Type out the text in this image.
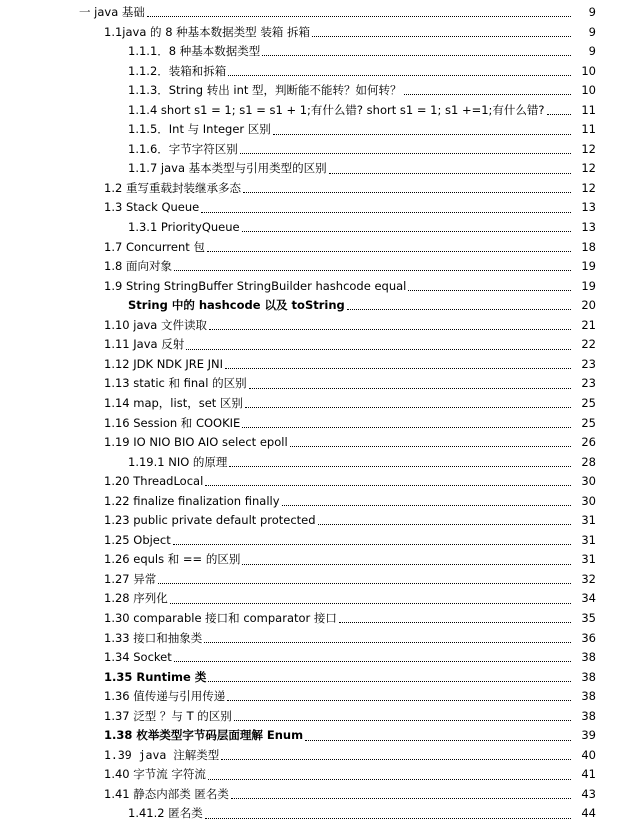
一 java 基础	9
1.1java 的 8 种基本数据类型 装箱 拆箱	9
1.1.1．8 种基本数据类型	9
1.1.2．装箱和拆箱	10
1.1.3．String 转出 int 型，判断能不能转？如何转？	10
1.1.4 short s1 = 1; s1 = s1 + 1;有什么错? short s1 = 1; s1 +=1;有什么错?	11
1.1.5．Int 与 Integer 区别	11
1.1.6．字节字符区别	12
1.1.7 java 基本类型与引用类型的区别	12
1.2 重写重载封装继承多态	12
1.3 Stack Queue	13
1.3.1 PriorityQueue	13
1.7 Concurrent 包	18
1.8 面向对象	19
1.9 String StringBuffer StringBuilder hashcode equal	19
String 中的 hashcode 以及 toString	20
1.10 java 文件读取	21
1.11 Java 反射	22
1.12 JDK NDK JRE JNI	23
1.13 static 和 final 的区别	23
1.14 map，list，set 区别	25
1.16 Session 和 COOKIE	25
1.19 IO NIO BIO AIO select epoll	26
1.19.1 NIO 的原理	28
1.20 ThreadLocal	30
1.22 finalize finalization finally	30
1.23 public private default protected	31
1.25 Object	31
1.26 equls 和 == 的区别	31
1.27 异常	32
1.28 序列化	34
1.30 comparable 接口和 comparator 接口	35
1.33 接口和抽象类	36
1.34 Socket	38
1.35 Runtime 类	38
1.36 值传递与引用传递	38
1.37 泛型 ？与 T 的区别	38
1.38 枚举类型字节码层面理解 Enum	39
1.39 java 注解类型	40
1.40 字节流 字符流	41
1.41 静态内部类 匿名类	43
1.41.2 匿名类	44
